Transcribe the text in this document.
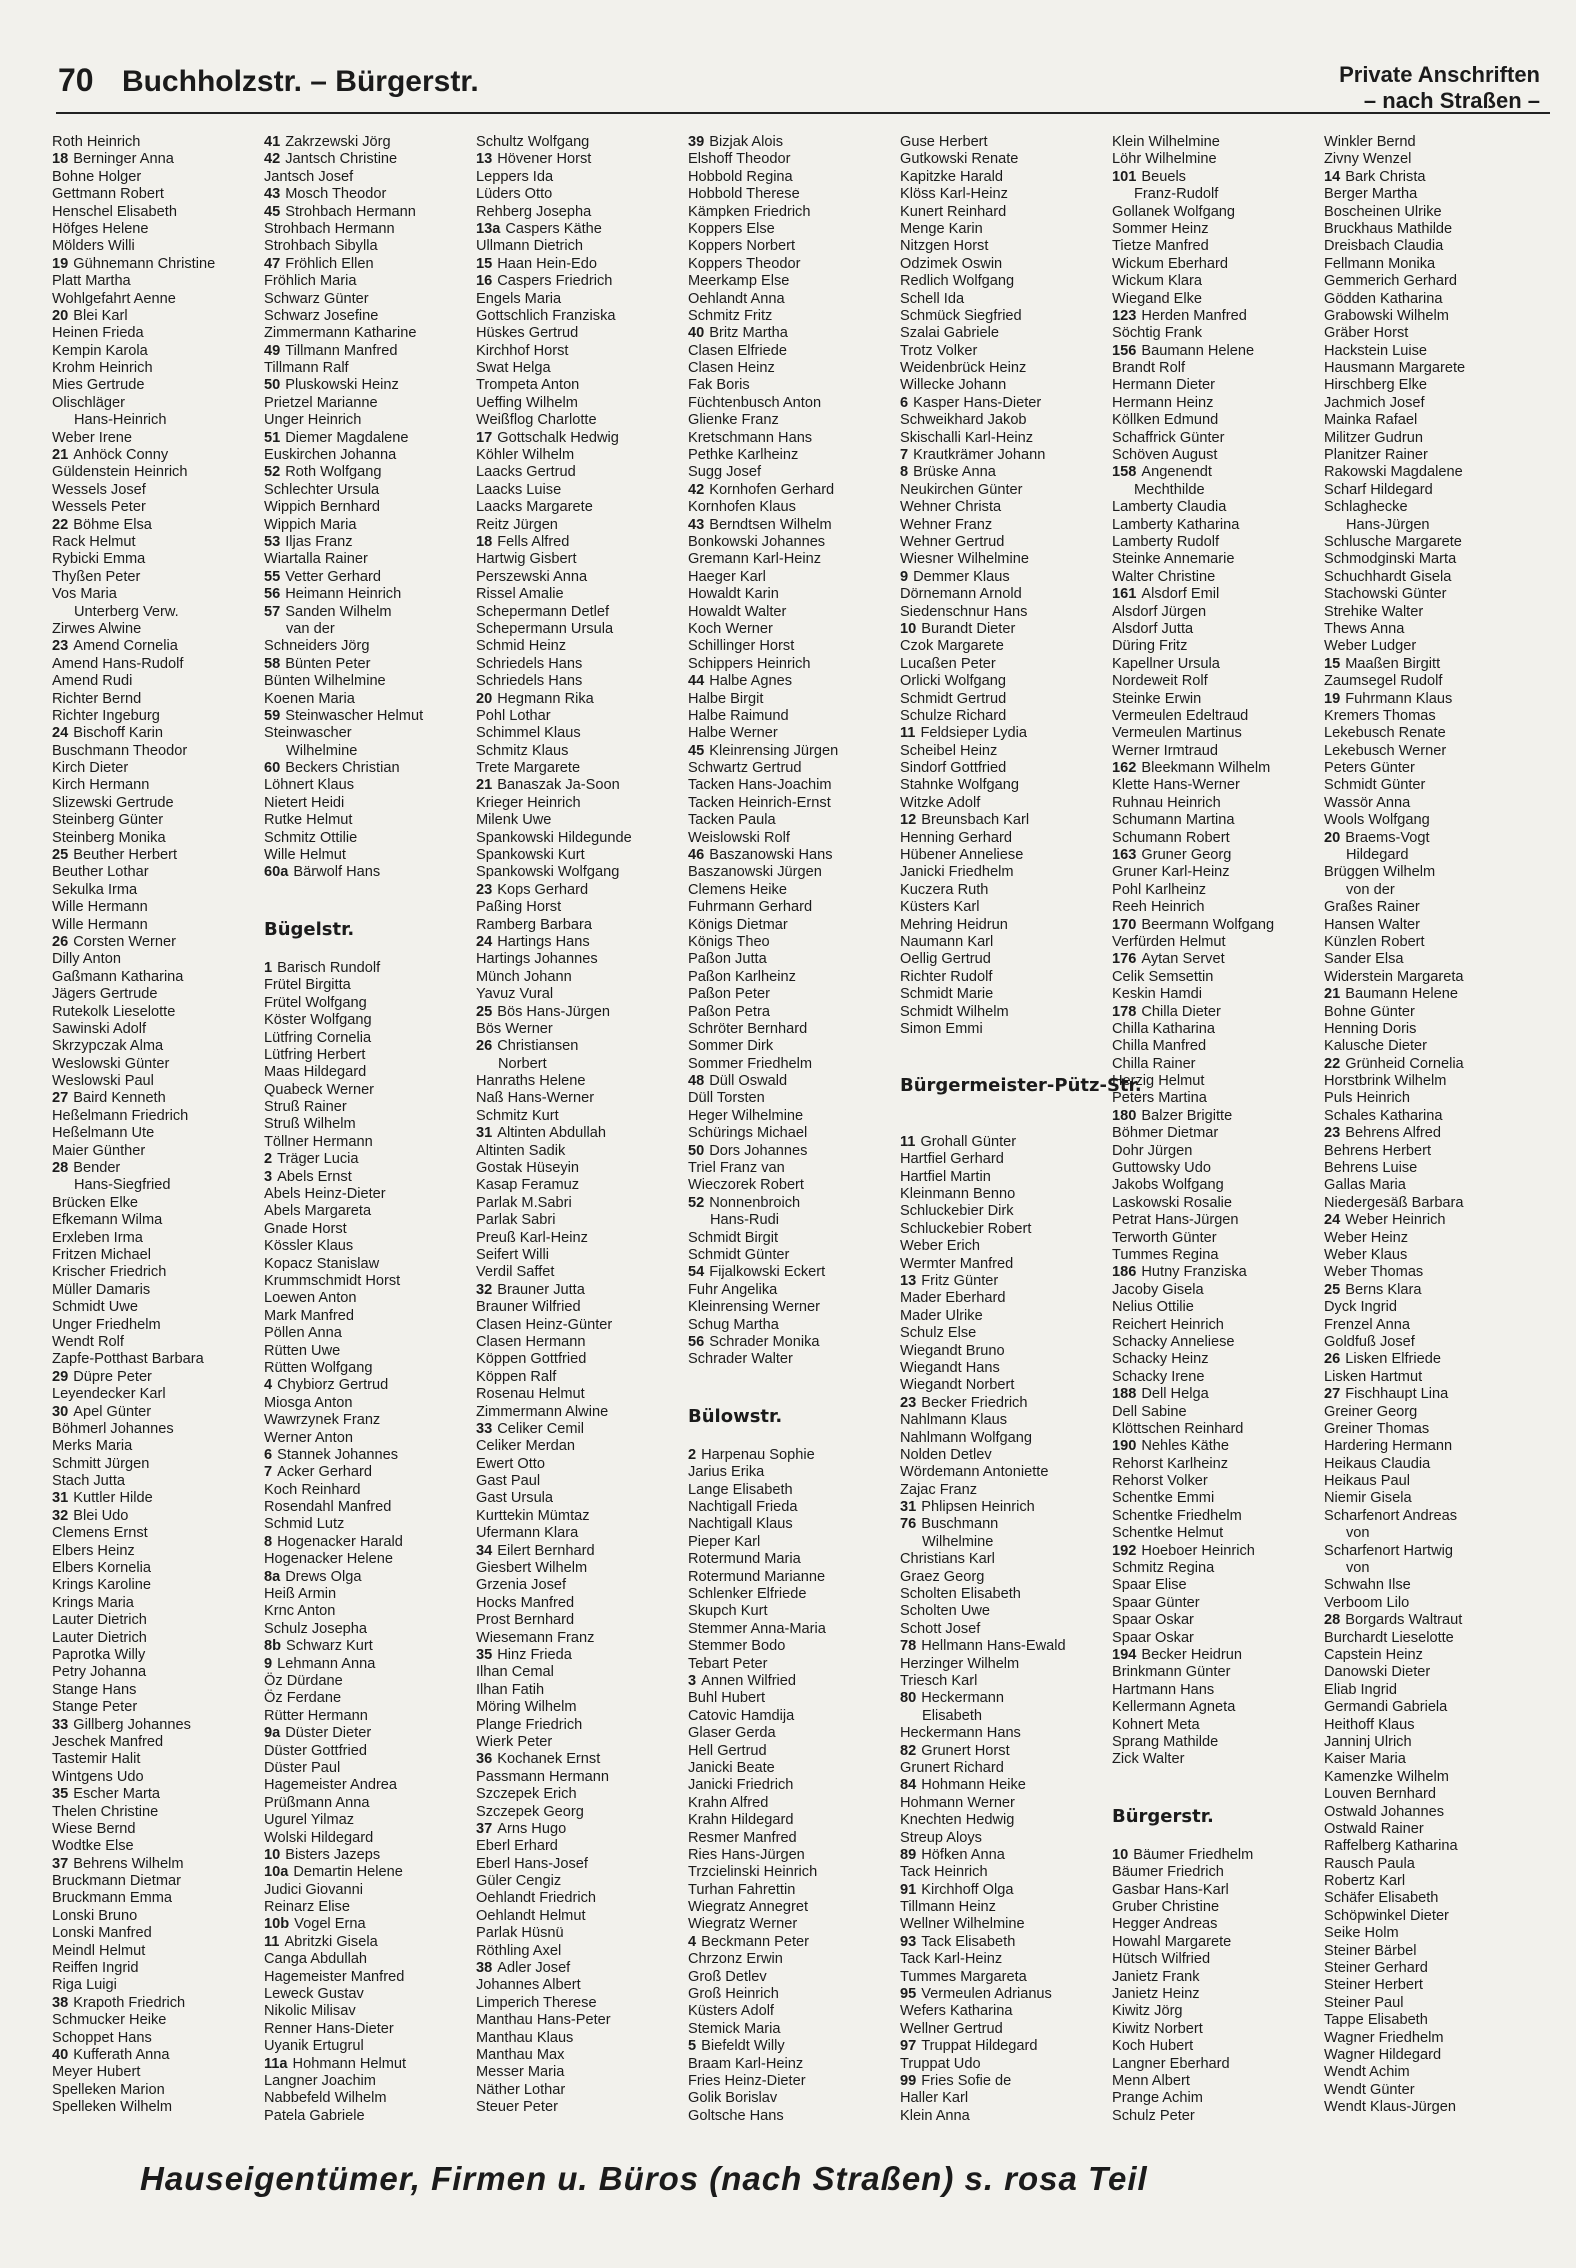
70 Buchholzstr. – Bürgerstr.	Private Anschriften
– nach Straßen –
Roth Heinrich
18 Berninger Anna
Bohne Holger
Gettmann Robert
Henschel Elisabeth
Höfges Helene
Mölders Willi
19 Gühnemann Christine
Platt Martha
Wohlgefahrt Aenne
20 Blei Karl
Heinen Frieda
Kempin Karola
Krohm Heinrich
Mies Gertrude
Olischläger
Hans-Heinrich
Weber Irene
21 Anhöck Conny
Güldenstein Heinrich
Wessels Josef
Wessels Peter
22 Böhme Elsa
Rack Helmut
Rybicki Emma
Thyßen Peter
Vos Maria
Unterberg Verw.
Zirwes Alwine
23 Amend Cornelia
Amend Hans-Rudolf
Amend Rudi
Richter Bernd
Richter Ingeburg
24 Bischoff Karin
Buschmann Theodor
Kirch Dieter
Kirch Hermann
Slizewski Gertrude
Steinberg Günter
Steinberg Monika
25 Beuther Herbert
Beuther Lothar
Sekulka Irma
Wille Hermann
Wille Hermann
26 Corsten Werner
Dilly Anton
Gaßmann Katharina
Jägers Gertrude
Rutekolk Lieselotte
Sawinski Adolf
Skrzypczak Alma
Weslowski Günter
Weslowski Paul
27 Baird Kenneth
Heßelmann Friedrich
Heßelmann Ute
Maier Günther
28 Bender
Hans-Siegfried
Brücken Elke
Efkemann Wilma
Erxleben Irma
Fritzen Michael
Krischer Friedrich
Müller Damaris
Schmidt Uwe
Unger Friedhelm
Wendt Rolf
Zapfe-Potthast Barbara
29 Düpre Peter
Leyendecker Karl
30 Apel Günter
Böhmerl Johannes
Merks Maria
Schmitt Jürgen
Stach Jutta
31 Kuttler Hilde
32 Blei Udo
Clemens Ernst
Elbers Heinz
Elbers Kornelia
Krings Karoline
Krings Maria
Lauter Dietrich
Lauter Dietrich
Paprotka Willy
Petry Johanna
Stange Hans
Stange Peter
33 Gillberg Johannes
Jeschek Manfred
Tastemir Halit
Wintgens Udo
35 Escher Marta
Thelen Christine
Wiese Bernd
Wodtke Else
37 Behrens Wilhelm
Bruckmann Dietmar
Bruckmann Emma
Lonski Bruno
Lonski Manfred
Meindl Helmut
Reiffen Ingrid
Riga Luigi
38 Krapoth Friedrich
Schmucker Heike
Schoppet Hans
40 Kufferath Anna
Meyer Hubert
Spelleken Marion
Spelleken Wilhelm
41 Zakrzewski Jörg
42 Jantsch Christine
Jantsch Josef
43 Mosch Theodor
45 Strohbach Hermann
Strohbach Hermann
Strohbach Sibylla
47 Fröhlich Ellen
Fröhlich Maria
Schwarz Günter
Schwarz Josefine
Zimmermann Katharine
49 Tillmann Manfred
Tillmann Ralf
50 Pluskowski Heinz
Prietzel Marianne
Unger Heinrich
51 Diemer Magdalene
Euskirchen Johanna
52 Roth Wolfgang
Schlechter Ursula
Wippich Bernhard
Wippich Maria
53 Iljas Franz
Wiartalla Rainer
55 Vetter Gerhard
56 Heimann Heinrich
57 Sanden Wilhelm
van der
Schneiders Jörg
58 Bünten Peter
Bünten Wilhelmine
Koenen Maria
59 Steinwascher Helmut
Steinwascher
Wilhelmine
60 Beckers Christian
Löhnert Klaus
Nietert Heidi
Rutke Helmut
Schmitz Ottilie
Wille Helmut
60a Bärwolf Hans
Bügelstr.
1 Barisch Rundolf
Frütel Birgitta
Frütel Wolfgang
Köster Wolfgang
Lütfring Cornelia
Lütfring Herbert
Maas Hildegard
Quabeck Werner
Struß Rainer
Struß Wilhelm
Töllner Hermann
2 Träger Lucia
3 Abels Ernst
Abels Heinz-Dieter
Abels Margareta
Gnade Horst
Kössler Klaus
Kopacz Stanislaw
Krummschmidt Horst
Loewen Anton
Mark Manfred
Pöllen Anna
Rütten Uwe
Rütten Wolfgang
4 Chybiorz Gertrud
Miosga Anton
Wawrzynek Franz
Werner Anton
6 Stannek Johannes
7 Acker Gerhard
Koch Reinhard
Rosendahl Manfred
Schmid Lutz
8 Hogenacker Harald
Hogenacker Helene
8a Drews Olga
Heiß Armin
Krnc Anton
Schulz Josepha
8b Schwarz Kurt
9 Lehmann Anna
Öz Dürdane
Öz Ferdane
Rütter Hermann
9a Düster Dieter
Düster Gottfried
Düster Paul
Hagemeister Andrea
Prüßmann Anna
Ugurel Yilmaz
Wolski Hildegard
10 Bisters Jazeps
10a Demartin Helene
Judici Giovanni
Reinarz Elise
10b Vogel Erna
11 Abritzki Gisela
Canga Abdullah
Hagemeister Manfred
Leweck Gustav
Nikolic Milisav
Renner Hans-Dieter
Uyanik Ertugrul
11a Hohmann Helmut
Langner Joachim
Nabbefeld Wilhelm
Patela Gabriele
Schultz Wolfgang
13 Hövener Horst
Leppers Ida
Lüders Otto
Rehberg Josepha
13a Caspers Käthe
Ullmann Dietrich
15 Haan Hein-Edo
16 Caspers Friedrich
Engels Maria
Gottschlich Franziska
Hüskes Gertrud
Kirchhof Horst
Swat Helga
Trompeta Anton
Ueffing Wilhelm
Weißflog Charlotte
17 Gottschalk Hedwig
Köhler Wilhelm
Laacks Gertrud
Laacks Luise
Laacks Margarete
Reitz Jürgen
18 Fells Alfred
Hartwig Gisbert
Perszewski Anna
Rissel Amalie
Schepermann Detlef
Schepermann Ursula
Schmid Heinz
Schriedels Hans
Schriedels Hans
20 Hegmann Rika
Pohl Lothar
Schimmel Klaus
Schmitz Klaus
Trete Margarete
21 Banaszak Ja-Soon
Krieger Heinrich
Milenk Uwe
Spankowski Hildegunde
Spankowski Kurt
Spankowski Wolfgang
23 Kops Gerhard
Paßing Horst
Ramberg Barbara
24 Hartings Hans
Hartings Johannes
Münch Johann
Yavuz Vural
25 Bös Hans-Jürgen
Bös Werner
26 Christiansen
Norbert
Hanraths Helene
Naß Hans-Werner
Schmitz Kurt
31 Altinten Abdullah
Altinten Sadik
Gostak Hüseyin
Kasap Feramuz
Parlak M.Sabri
Parlak Sabri
Preuß Karl-Heinz
Seifert Willi
Verdil Saffet
32 Brauner Jutta
Brauner Wilfried
Clasen Heinz-Günter
Clasen Hermann
Köppen Gottfried
Köppen Ralf
Rosenau Helmut
Zimmermann Alwine
33 Celiker Cemil
Celiker Merdan
Ewert Otto
Gast Paul
Gast Ursula
Kurttekin Mümtaz
Ufermann Klara
34 Eilert Bernhard
Giesbert Wilhelm
Grzenia Josef
Hocks Manfred
Prost Bernhard
Wiesemann Franz
35 Hinz Frieda
Ilhan Cemal
Ilhan Fatih
Möring Wilhelm
Plange Friedrich
Wierk Peter
36 Kochanek Ernst
Passmann Hermann
Szczepek Erich
Szczepek Georg
37 Arns Hugo
Eberl Erhard
Eberl Hans-Josef
Güler Cengiz
Oehlandt Friedrich
Oehlandt Helmut
Parlak Hüsnü
Röthling Axel
38 Adler Josef
Johannes Albert
Limperich Therese
Manthau Hans-Peter
Manthau Klaus
Manthau Max
Messer Maria
Näther Lothar
Steuer Peter
39 Bizjak Alois
Elshoff Theodor
Hobbold Regina
Hobbold Therese
Kämpken Friedrich
Koppers Else
Koppers Norbert
Koppers Theodor
Meerkamp Else
Oehlandt Anna
Schmitz Fritz
40 Britz Martha
Clasen Elfriede
Clasen Heinz
Fak Boris
Füchtenbusch Anton
Glienke Franz
Kretschmann Hans
Pethke Karlheinz
Sugg Josef
42 Kornhofen Gerhard
Kornhofen Klaus
43 Berndtsen Wilhelm
Bonkowski Johannes
Gremann Karl-Heinz
Haeger Karl
Howaldt Karin
Howaldt Walter
Koch Werner
Schillinger Horst
Schippers Heinrich
44 Halbe Agnes
Halbe Birgit
Halbe Raimund
Halbe Werner
45 Kleinrensing Jürgen
Schwartz Gertrud
Tacken Hans-Joachim
Tacken Heinrich-Ernst
Tacken Paula
Weislowski Rolf
46 Baszanowski Hans
Baszanowski Jürgen
Clemens Heike
Fuhrmann Gerhard
Königs Dietmar
Königs Theo
Paßon Jutta
Paßon Karlheinz
Paßon Peter
Paßon Petra
Schröter Bernhard
Sommer Dirk
Sommer Friedhelm
48 Düll Oswald
Düll Torsten
Heger Wilhelmine
Schürings Michael
50 Dors Johannes
Triel Franz van
Wieczorek Robert
52 Nonnenbroich
Hans-Rudi
Schmidt Birgit
Schmidt Günter
54 Fijalkowski Eckert
Fuhr Angelika
Kleinrensing Werner
Schug Martha
56 Schrader Monika
Schrader Walter
Bülowstr.
2 Harpenau Sophie
Jarius Erika
Lange Elisabeth
Nachtigall Frieda
Nachtigall Klaus
Pieper Karl
Rotermund Maria
Rotermund Marianne
Schlenker Elfriede
Skupch Kurt
Stemmer Anna-Maria
Stemmer Bodo
Tebart Peter
3 Annen Wilfried
Buhl Hubert
Catovic Hamdija
Glaser Gerda
Hell Gertrud
Janicki Beate
Janicki Friedrich
Krahn Alfred
Krahn Hildegard
Resmer Manfred
Ries Hans-Jürgen
Trzcielinski Heinrich
Turhan Fahrettin
Wiegratz Annegret
Wiegratz Werner
4 Beckmann Peter
Chrzonz Erwin
Groß Detlev
Groß Heinrich
Küsters Adolf
Stemick Maria
5 Biefeldt Willy
Braam Karl-Heinz
Fries Heinz-Dieter
Golik Borislav
Goltsche Hans
Guse Herbert
Gutkowski Renate
Kapitzke Harald
Klöss Karl-Heinz
Kunert Reinhard
Menge Karin
Nitzgen Horst
Odzimek Oswin
Redlich Wolfgang
Schell Ida
Schmück Siegfried
Szalai Gabriele
Trotz Volker
Weidenbrück Heinz
Willecke Johann
6 Kasper Hans-Dieter
Schweikhard Jakob
Skischalli Karl-Heinz
7 Krautkrämer Johann
8 Brüske Anna
Neukirchen Günter
Wehner Christa
Wehner Franz
Wehner Gertrud
Wiesner Wilhelmine
9 Demmer Klaus
Dörnemann Arnold
Siedenschnur Hans
10 Burandt Dieter
Czok Margarete
Lucaßen Peter
Orlicki Wolfgang
Schmidt Gertrud
Schulze Richard
11 Feldsieper Lydia
Scheibel Heinz
Sindorf Gottfried
Stahnke Wolfgang
Witzke Adolf
12 Breunsbach Karl
Henning Gerhard
Hübener Anneliese
Janicki Friedhelm
Kuczera Ruth
Küsters Karl
Mehring Heidrun
Naumann Karl
Oellig Gertrud
Richter Rudolf
Schmidt Marie
Schmidt Wilhelm
Simon Emmi
Bürgermeister-Pütz-Str.
11 Grohall Günter
Hartfiel Gerhard
Hartfiel Martin
Kleinmann Benno
Schluckebier Dirk
Schluckebier Robert
Weber Erich
Wermter Manfred
13 Fritz Günter
Mader Eberhard
Mader Ulrike
Schulz Else
Wiegandt Bruno
Wiegandt Hans
Wiegandt Norbert
23 Becker Friedrich
Nahlmann Klaus
Nahlmann Wolfgang
Nolden Detlev
Wördemann Antoniette
Zajac Franz
31 Phlipsen Heinrich
76 Buschmann
Wilhelmine
Christians Karl
Graez Georg
Scholten Elisabeth
Scholten Uwe
Schott Josef
78 Hellmann Hans-Ewald
Herzinger Wilhelm
Triesch Karl
80 Heckermann
Elisabeth
Heckermann Hans
82 Grunert Horst
Grunert Richard
84 Hohmann Heike
Hohmann Werner
Knechten Hedwig
Streup Aloys
89 Höfken Anna
Tack Heinrich
91 Kirchhoff Olga
Tillmann Heinz
Wellner Wilhelmine
93 Tack Elisabeth
Tack Karl-Heinz
Tummes Margareta
95 Vermeulen Adrianus
Wefers Katharina
Wellner Gertrud
97 Truppat Hildegard
Truppat Udo
99 Fries Sofie de
Haller Karl
Klein Anna
Klein Wilhelmine
Löhr Wilhelmine
101 Beuels
Franz-Rudolf
Gollanek Wolfgang
Sommer Heinz
Tietze Manfred
Wickum Eberhard
Wickum Klara
Wiegand Elke
123 Herden Manfred
Söchtig Frank
156 Baumann Helene
Brandt Rolf
Hermann Dieter
Hermann Heinz
Köllken Edmund
Schaffrick Günter
Schöven August
158 Angenendt
Mechthilde
Lamberty Claudia
Lamberty Katharina
Lamberty Rudolf
Steinke Annemarie
Walter Christine
161 Alsdorf Emil
Alsdorf Jürgen
Alsdorf Jutta
Düring Fritz
Kapellner Ursula
Nordeweit Rolf
Steinke Erwin
Vermeulen Edeltraud
Vermeulen Martinus
Werner Irmtraud
162 Bleekmann Wilhelm
Klette Hans-Werner
Ruhnau Heinrich
Schumann Martina
Schumann Robert
163 Gruner Georg
Gruner Karl-Heinz
Pohl Karlheinz
Reeh Heinrich
170 Beermann Wolfgang
Verfürden Helmut
176 Aytan Servet
Celik Semsettin
Keskin Hamdi
178 Chilla Dieter
Chilla Katharina
Chilla Manfred
Chilla Rainer
Herzig Helmut
Peters Martina
180 Balzer Brigitte
Böhmer Dietmar
Dohr Jürgen
Guttowsky Udo
Jakobs Wolfgang
Laskowski Rosalie
Petrat Hans-Jürgen
Terworth Günter
Tummes Regina
186 Hutny Franziska
Jacoby Gisela
Nelius Ottilie
Reichert Heinrich
Schacky Anneliese
Schacky Heinz
Schacky Irene
188 Dell Helga
Dell Sabine
Klöttschen Reinhard
190 Nehles Käthe
Rehorst Karlheinz
Rehorst Volker
Schentke Emmi
Schentke Friedhelm
Schentke Helmut
192 Hoeboer Heinrich
Schmitz Regina
Spaar Elise
Spaar Günter
Spaar Oskar
Spaar Oskar
194 Becker Heidrun
Brinkmann Günter
Hartmann Hans
Kellermann Agneta
Kohnert Meta
Sprang Mathilde
Zick Walter
Bürgerstr.
10 Bäumer Friedhelm
Bäumer Friedrich
Gasbar Hans-Karl
Gruber Christine
Hegger Andreas
Howahl Margarete
Hütsch Wilfried
Janietz Frank
Janietz Heinz
Kiwitz Jörg
Kiwitz Norbert
Koch Hubert
Langner Eberhard
Menn Albert
Prange Achim
Schulz Peter
Winkler Bernd
Zivny Wenzel
14 Bark Christa
Berger Martha
Boscheinen Ulrike
Bruckhaus Mathilde
Dreisbach Claudia
Fellmann Monika
Gemmerich Gerhard
Gödden Katharina
Grabowski Wilhelm
Gräber Horst
Hackstein Luise
Hausmann Margarete
Hirschberg Elke
Jachmich Josef
Mainka Rafael
Militzer Gudrun
Planitzer Rainer
Rakowski Magdalene
Scharf Hildegard
Schlaghecke
Hans-Jürgen
Schlusche Margarete
Schmodginski Marta
Schuchhardt Gisela
Stachowski Günter
Strehike Walter
Thews Anna
Weber Ludger
15 Maaßen Birgitt
Zaumsegel Rudolf
19 Fuhrmann Klaus
Kremers Thomas
Lekebusch Renate
Lekebusch Werner
Peters Günter
Schmidt Günter
Wassör Anna
Wools Wolfgang
20 Braems-Vogt
Hildegard
Brüggen Wilhelm
von der
Graßes Rainer
Hansen Walter
Künzlen Robert
Sander Elsa
Widerstein Margareta
21 Baumann Helene
Bohne Günter
Henning Doris
Kalusche Dieter
22 Grünheid Cornelia
Horstbrink Wilhelm
Puls Heinrich
Schales Katharina
23 Behrens Alfred
Behrens Herbert
Behrens Luise
Gallas Maria
Niedergesäß Barbara
24 Weber Heinrich
Weber Heinz
Weber Klaus
Weber Thomas
25 Berns Klara
Dyck Ingrid
Frenzel Anna
Goldfuß Josef
26 Lisken Elfriede
Lisken Hartmut
27 Fischhaupt Lina
Greiner Georg
Greiner Thomas
Hardering Hermann
Heikaus Claudia
Heikaus Paul
Niemir Gisela
Scharfenort Andreas
von
Scharfenort Hartwig
von
Schwahn Ilse
Verboom Lilo
28 Borgards Waltraut
Burchardt Lieselotte
Capstein Heinz
Danowski Dieter
Eliab Ingrid
Germandi Gabriela
Heithoff Klaus
Janninj Ulrich
Kaiser Maria
Kamenzke Wilhelm
Louven Bernhard
Ostwald Johannes
Ostwald Rainer
Raffelberg Katharina
Rausch Paula
Robertz Karl
Schäfer Elisabeth
Schöpwinkel Dieter
Seike Holm
Steiner Bärbel
Steiner Gerhard
Steiner Herbert
Steiner Paul
Tappe Elisabeth
Wagner Friedhelm
Wagner Hildegard
Wendt Achim
Wendt Günter
Wendt Klaus-Jürgen
Hauseigentümer, Firmen u. Büros (nach Straßen) s. rosa Teil
